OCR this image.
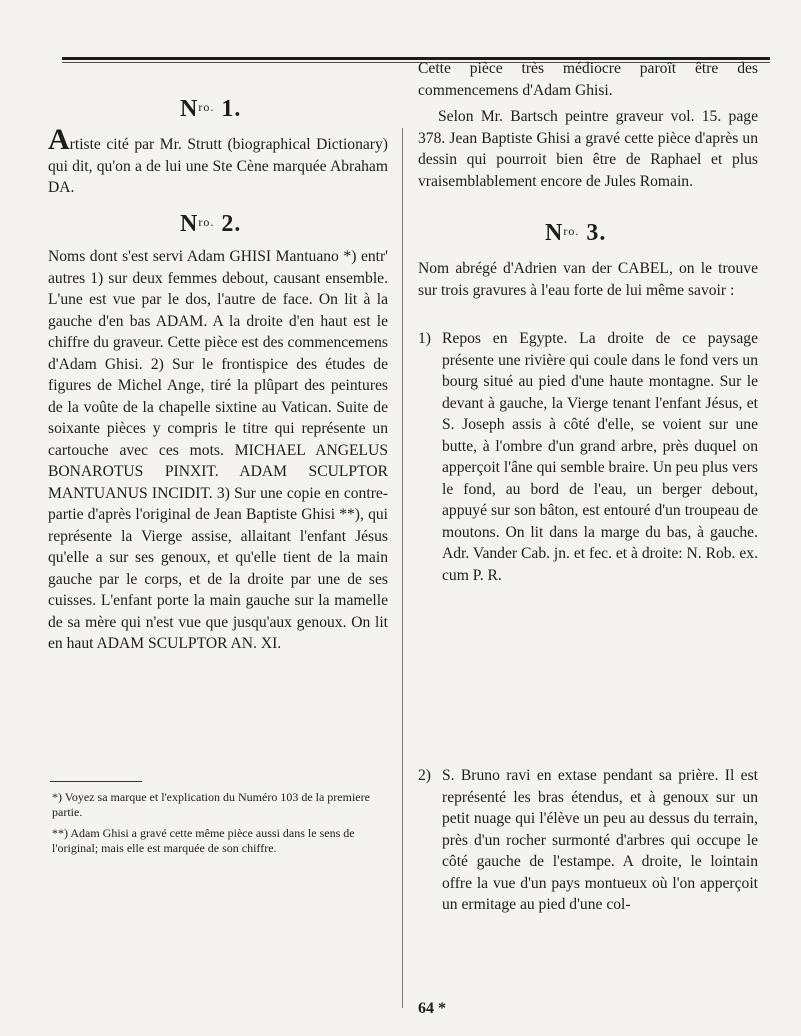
$N^{ro.}$ 1.

Artiste cité par Mr. Strutt (biographical Dictionary) qui dit, qu'on a de lui une Ste Cène marquée Abraham DA.

$N^{ro.}$ 2.

Noms dont s'est servi Adam GHISI Mantuano *) entr' autres 1) sur deux femmes debout, causant ensemble. L'une est vue par le dos, l'autre de face. On lit à la gauche d'en bas ADAM. A la droite d'en haut est le chiffre du graveur. Cette pièce est des commencemens d'Adam Ghisi. 2) Sur le frontispice des études de figures de Michel Ange, tiré la plûpart des peintures de la voûte de la chapelle sixtine au Vatican. Suite de soixante pièces y compris le titre qui représente un cartouche avec ces mots. MICHAEL ANGELUS BONAROTUS PINXIT. ADAM SCULPTOR MANTUANUS INCIDIT. 3) Sur une copie en contre-partie d'après l'original de Jean Baptiste Ghisi **), qui représente la Vierge assise, allaitant l'enfant Jésus qu'elle a sur ses genoux, et qu'elle tient de la main gauche par le corps, et de la droite par une de ses cuisses. L'enfant porte la main gauche sur la mamelle de sa mère qui n'est vue que jusqu'aux genoux. On lit en haut ADAM SCULPTOR AN. XI.

*) Voyez sa marque et l'explication du Numéro 103 de la premiere partie.

**) Adam Ghisi a gravé cette même pièce aussi dans le sens de l'original; mais elle est marquée de son chiffre.

Cette pièce très médiocre paroît être des commencemens d'Adam Ghisi.

Selon Mr. Bartsch peintre graveur vol. 15. page 378. Jean Baptiste Ghisi a gravé cette pièce d'après un dessin qui pourroit bien être de Raphael et plus vraisemblablement encore de Jules Romain.

$N^{ro.}$ 3.

Nom abrégé d'Adrien van der CABEL, on le trouve sur trois gravures à l'eau forte de lui même savoir :

1) Repos en Egypte. La droite de ce paysage présente une rivière qui coule dans le fond vers un bourg situé au pied d'une haute montagne. Sur le devant à gauche, la Vierge tenant l'enfant Jésus, et S. Joseph assis à côté d'elle, se voient sur une butte, à l'ombre d'un grand arbre, près duquel on apperçoit l'âne qui semble braire. Un peu plus vers le fond, au bord de l'eau, un berger debout, appuyé sur son bâton, est entouré d'un troupeau de moutons. On lit dans la marge du bas, à gauche. Adr. Vander Cab. jn. et fec. et à droite: N. Rob. ex. cum P. R.

2) S. Bruno ravi en extase pendant sa prière. Il est représenté les bras étendus, et à genoux sur un petit nuage qui l'élève un peu au dessus du terrain, près d'un rocher surmonté d'arbres qui occupe le côté gauche de l'estampe. A droite, le lointain offre la vue d'un pays montueux où l'on apperçoit un ermitage au pied d'une col-

64 *
